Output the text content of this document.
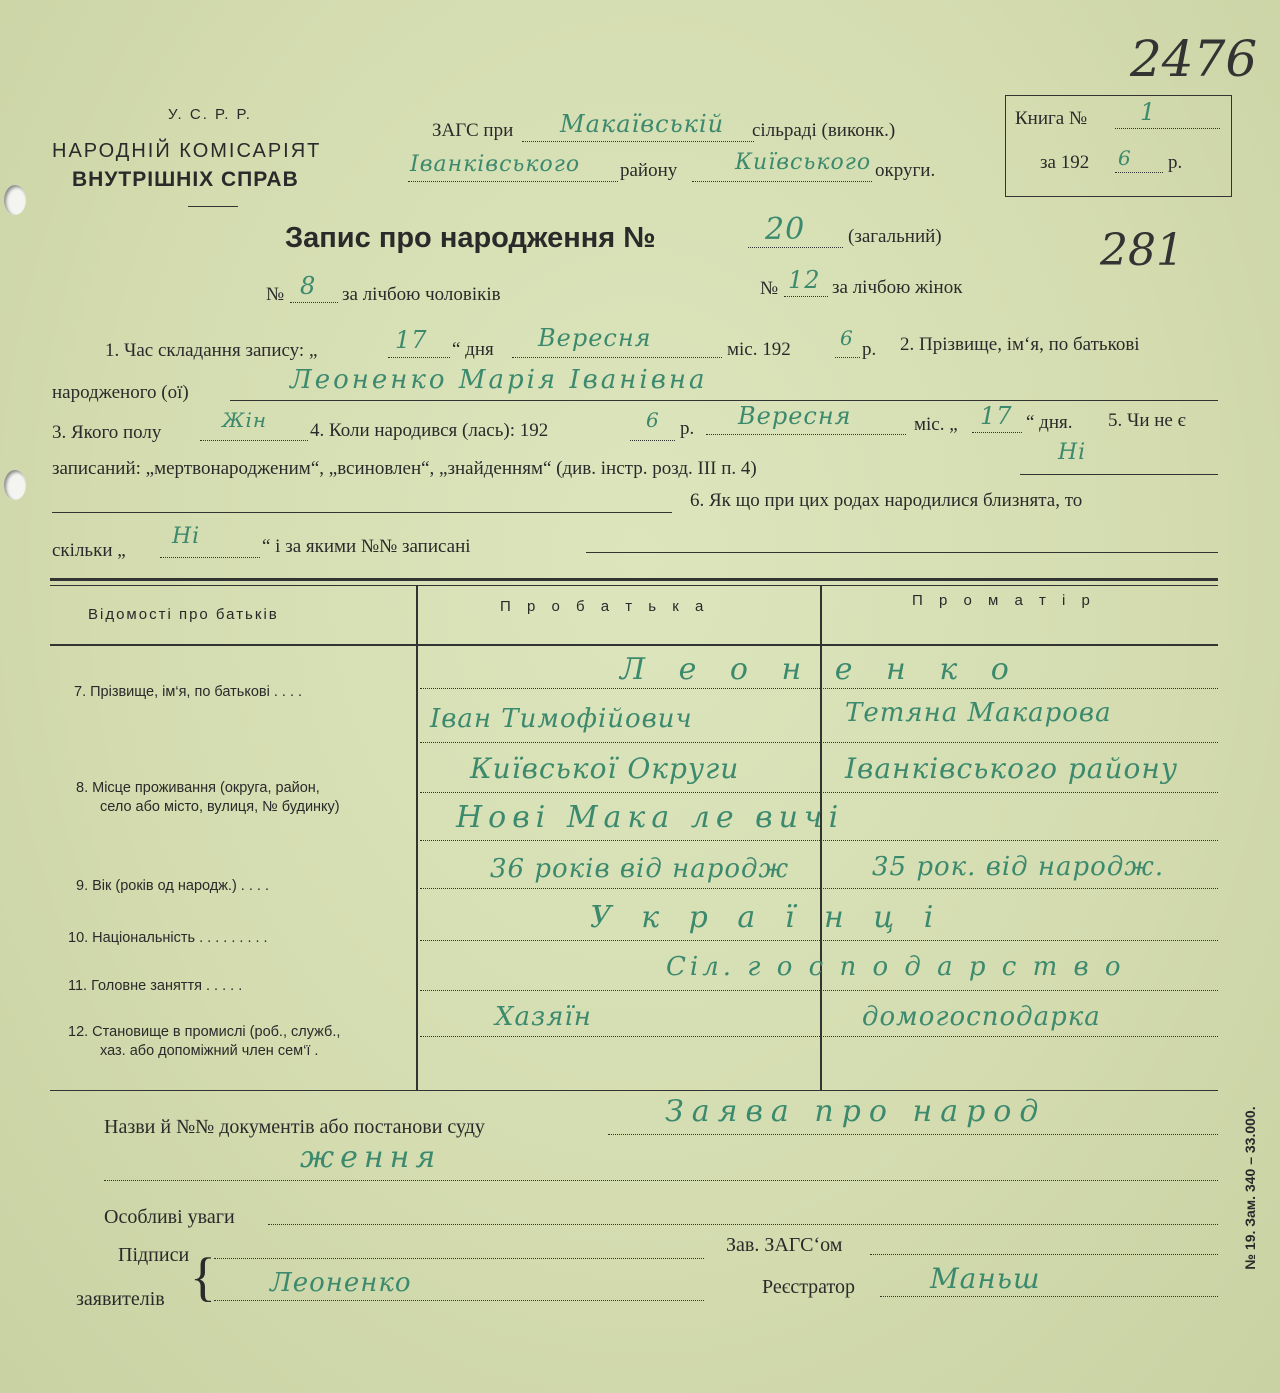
2476
281
У. С. Р. Р.
НАРОДНІЙ КОМІСАРІЯТ
ВНУТРІШНІХ СПРАВ
ЗАГС при Макаївській сільраді (виконк.)
Іванківського району	Київського округи.
Книга № 1
за 192 6 р.
Запис про народження №	20 (загальний)
№ 8 за лічбою чоловіків	№ 12 за лічбою жінок
1. Час складання запису: „	17 “ дня Вересня	міс. 192 6 р. 2. Прізвище, ім‘я, по батькові
народженого (ої)	Леоненко Марія Іванівна
3. Якого полу
Жін 4. Коли народився (лась): 192	6 р. Вересня	міс. „ 17 “ дня. 5. Чи не є
записаний: „мертвонародженим“, „всиновлен“, „знайденням“ (див. інстр. розд. III п. 4)
Ні
6. Як що при цих родах народилися близнята, то
скільки „
Ні	“ і за якими №№ записані
Відомості про батьків	П р о б а т ь к а	П р о м а т і р
7. Прізвище, ім‘я, по батькові . . . .
Л е о н е н к о
Іван Тимофійович	Тетяна Макарова
8. Місце проживання (округа, район,
село або місто, вулиця, № будинку)
Київської Округи	Іванківського району
Нові Мака ле вичі
9. Вік (років од народж.) . . . .
36 років від народж	35 рок. від народж.
10. Національність . . . . . . . . .
У к р а ї н ц і
11. Головне заняття . . . . .
Сіл. г о с п о д а р с т в о
12. Становище в промислі (роб., служб.,
хаз. або допоміжний член сем‘ї .
Хазяїн	домогосподарка
Назви й №№ документів або постанови суду	Заява про народ
ження
Особливі уваги
Підписи
заявителів { Леоненко
Зав. ЗАГС‘ом
Реєстратор	Маньш
№ 19. Зам. 340 – 33.000.
